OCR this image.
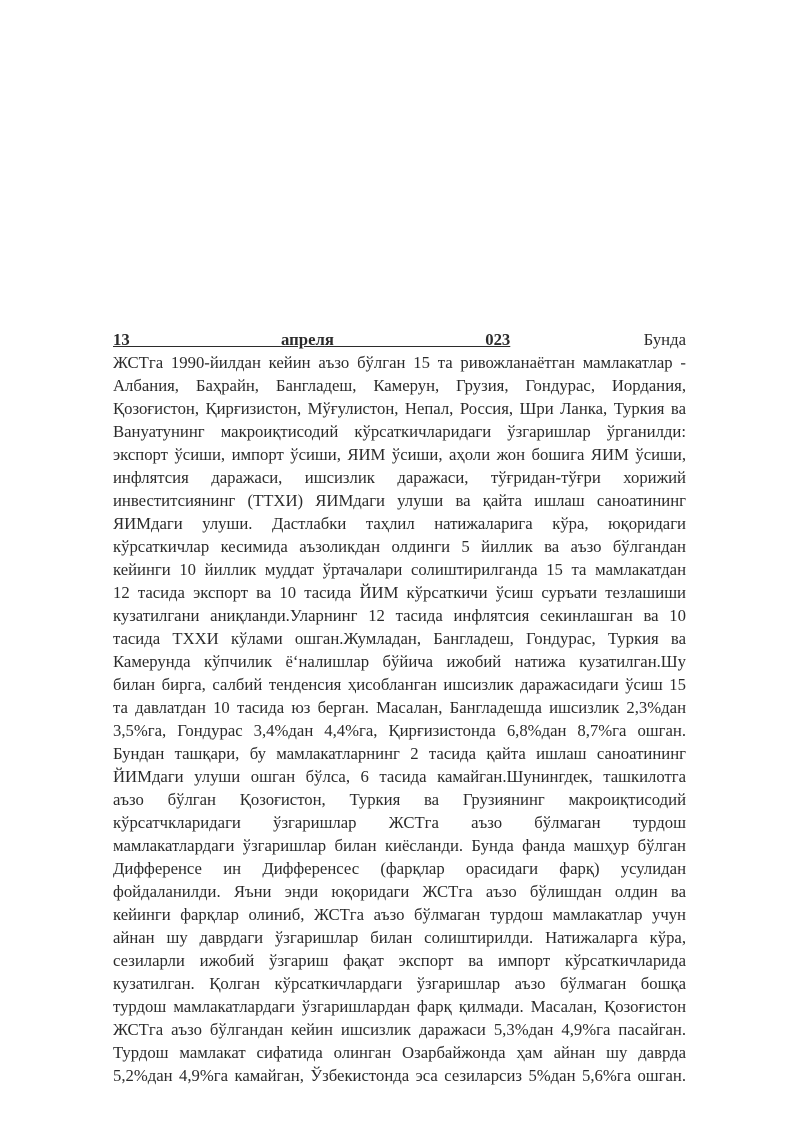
13 апреля 023	Бунда
ЖСТга 1990-йилдан кейин аъзо бўлган 15 та ривожланаётган мамлакатлар -
Албания, Баҳрайн, Бангладеш, Камерун, Грузия, Гондурас, Иордания,
Қозоғистон, Қирғизистон, Мўғулистон, Непал, Россия, Шри Ланка, Туркия ва
Вануатунинг макроиқтисодий кўрсаткичларидаги ўзгаришлар ўрганилди:
экспорт ўсиши, импорт ўсиши, ЯИМ ўсиши, аҳоли жон бошига ЯИМ ўсиши,
инфлятсия даражаси, ишсизлик даражаси, тўғридан-тўғри хорижий
инвеститсиянинг (ТТХИ) ЯИМдаги улуши ва қайта ишлаш саноатининг
ЯИМдаги улуши. Дастлабки таҳлил натижаларига кўра, юқоридаги
кўрсаткичлар кесимида аъзоликдан олдинги 5 йиллик ва аъзо бўлгандан
кейинги 10 йиллик муддат ўртачалари солиштирилганда 15 та мамлакатдан
12 тасида экспорт ва 10 тасида ЙИМ кўрсаткичи ўсиш суръати тезлашиши
кузатилгани аниқланди.Уларнинг 12 тасида инфлятсия секинлашган ва 10
тасида ТХХИ кўлами ошган.Жумладан, Бангладеш, Гондурас, Туркия ва
Камерунда кўпчилик ёʻналишлар бўйича ижобий натижа кузатилган.Шу
билан бирга, салбий тенденсия ҳисобланган ишсизлик даражасидаги ўсиш 15
та давлатдан 10 тасида юз берган. Масалан, Бангладешда ишсизлик 2,3%дан
3,5%га, Гондурас 3,4%дан 4,4%га, Қирғизистонда 6,8%дан 8,7%га ошган.
Бундан ташқари, бу мамлакатларнинг 2 тасида қайта ишлаш саноатининг
ЙИМдаги улуши ошган бўлса, 6 тасида камайган.Шунингдек, ташкилотга
аъзо бўлган Қозоғистон, Туркия ва Грузиянинг макроиқтисодий
кўрсатчкларидаги ўзгаришлар ЖСТга аъзо бўлмаган турдош
мамлакатлардаги ўзгаришлар билан киёсланди. Бунда фанда машҳур бўлган
Дифференсе ин Дифференсес (фарқлар орасидаги фарқ) усулидан
фойдаланилди. Яъни энди юқоридаги ЖСТга аъзо бўлишдан олдин ва
кейинги фарқлар олиниб, ЖСТга аъзо бўлмаган турдош мамлакатлар учун
айнан шу даврдаги ўзгаришлар билан солиштирилди. Натижаларга кўра,
сезиларли ижобий ўзгариш фақат экспорт ва импорт кўрсаткичларида
кузатилган. Қолган кўрсаткичлардаги ўзгаришлар аъзо бўлмаган бошқа
турдош мамлакатлардаги ўзгаришлардан фарқ қилмади. Масалан, Қозоғистон
ЖСТга аъзо бўлгандан кейин ишсизлик даражаси 5,3%дан 4,9%га пасайган.
Турдош мамлакат сифатида олинган Озарбайжонда ҳам айнан шу даврда
5,2%дан 4,9%га камайган, Ўзбекистонда эса сезиларсиз 5%дан 5,6%га ошган.
